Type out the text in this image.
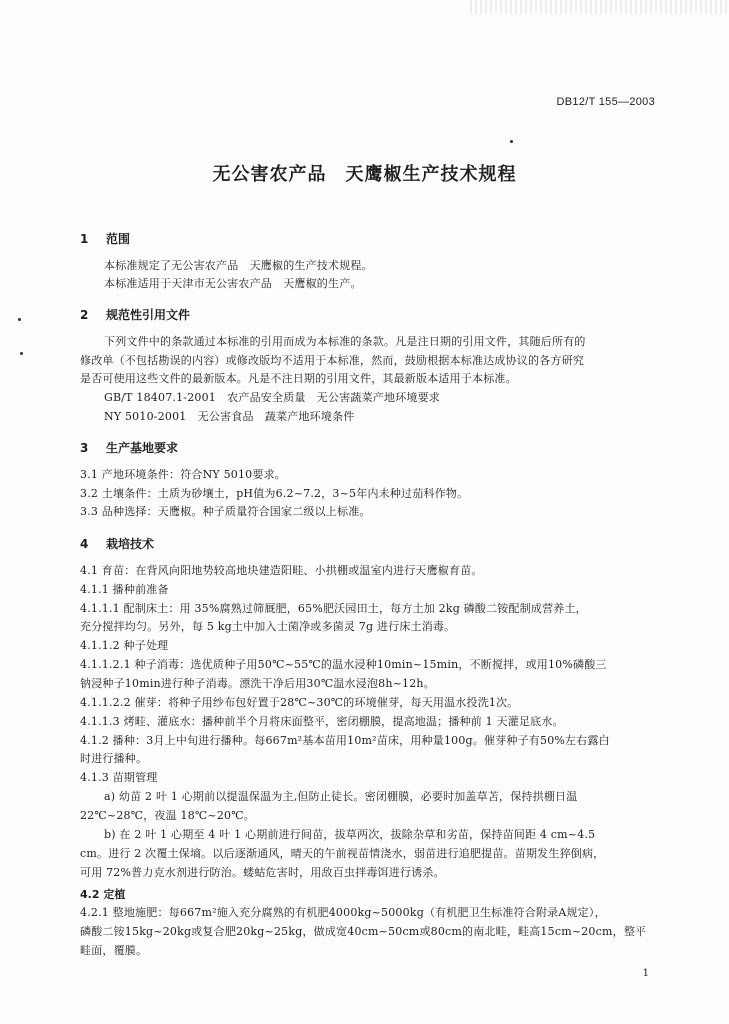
DB12/T 155—2003
无公害农产品　天鹰椒生产技术规程
1 范围
本标准规定了无公害农产品　天鹰椒的生产技术规程。
本标准适用于天津市无公害农产品　天鹰椒的生产。
2 规范性引用文件
下列文件中的条款通过本标准的引用而成为本标准的条款。凡是注日期的引用文件，其随后所有的
修改单（不包括勘误的内容）或修改版均不适用于本标准，然而，鼓励根据本标准达成协议的各方研究
是否可使用这些文件的最新版本。凡是不注日期的引用文件，其最新版本适用于本标准。
GB/T 18407.1-2001　农产品安全质量　无公害蔬菜产地环境要求
NY 5010-2001　无公害食品　蔬菜产地环境条件
3 生产基地要求
3.1 产地环境条件：符合NY 5010要求。
3.2 土壤条件：土质为砂壤土，pH值为6.2~7.2，3~5年内未种过茄科作物。
3.3 品种选择：天鹰椒。种子质量符合国家二级以上标准。
4 栽培技术
4.1 育苗：在背风向阳地势较高地块建造阳畦、小拱棚或温室内进行天鹰椒育苗。
4.1.1 播种前准备
4.1.1.1 配制床土：用 35%腐熟过筛厩肥，65%肥沃园田土，每方土加 2kg 磷酸二铵配制成营养土，
充分搅拌均匀。另外，每 5 kg土中加入士菌净或多菌灵 7g 进行床土消毒。
4.1.1.2 种子处理
4.1.1.2.1 种子消毒：选优质种子用50℃~55℃的温水浸种10min~15min，不断搅拌，或用10%磷酸三
钠浸种子10min进行种子消毒。漂洗干净后用30℃温水浸泡8h~12h。
4.1.1.2.2 催芽：将种子用纱布包好置于28℃~30℃的环境催芽，每天用温水投洗1次。
4.1.1.3 烤畦、灌底水：播种前半个月将床面整平，密闭棚膜，提高地温；播种前 1 天灌足底水。
4.1.2 播种：3月上中旬进行播种。每667m²基本苗用10m²苗床，用种量100g。催芽种子有50%左右露白
时进行播种。
4.1.3 苗期管理
a) 幼苗 2 叶 1 心期前以提温保温为主,但防止徒长。密闭棚膜，必要时加盖草苫，保持拱棚日温
22℃~28℃，夜温 18℃~20℃。
b) 在 2 叶 1 心期至 4 叶 1 心期前进行间苗，拔草两次，拔除杂草和劣苗，保持苗间距 4 cm~4.5
cm。进行 2 次覆土保墒。以后逐渐通风，晴天的午前视苗情浇水，弱苗进行追肥提苗。苗期发生猝倒病，
可用 72%普力克水剂进行防治。蝼蛄危害时，用敌百虫拌毒饵进行诱杀。
4.2 定植
4.2.1 整地施肥：每667m²施入充分腐熟的有机肥4000kg~5000kg（有机肥卫生标准符合附录A规定），
磷酸二铵15kg~20kg或复合肥20kg~25kg，做成宽40cm~50cm或80cm的南北畦，畦高15cm~20cm，整平
畦面，覆膜。
1
